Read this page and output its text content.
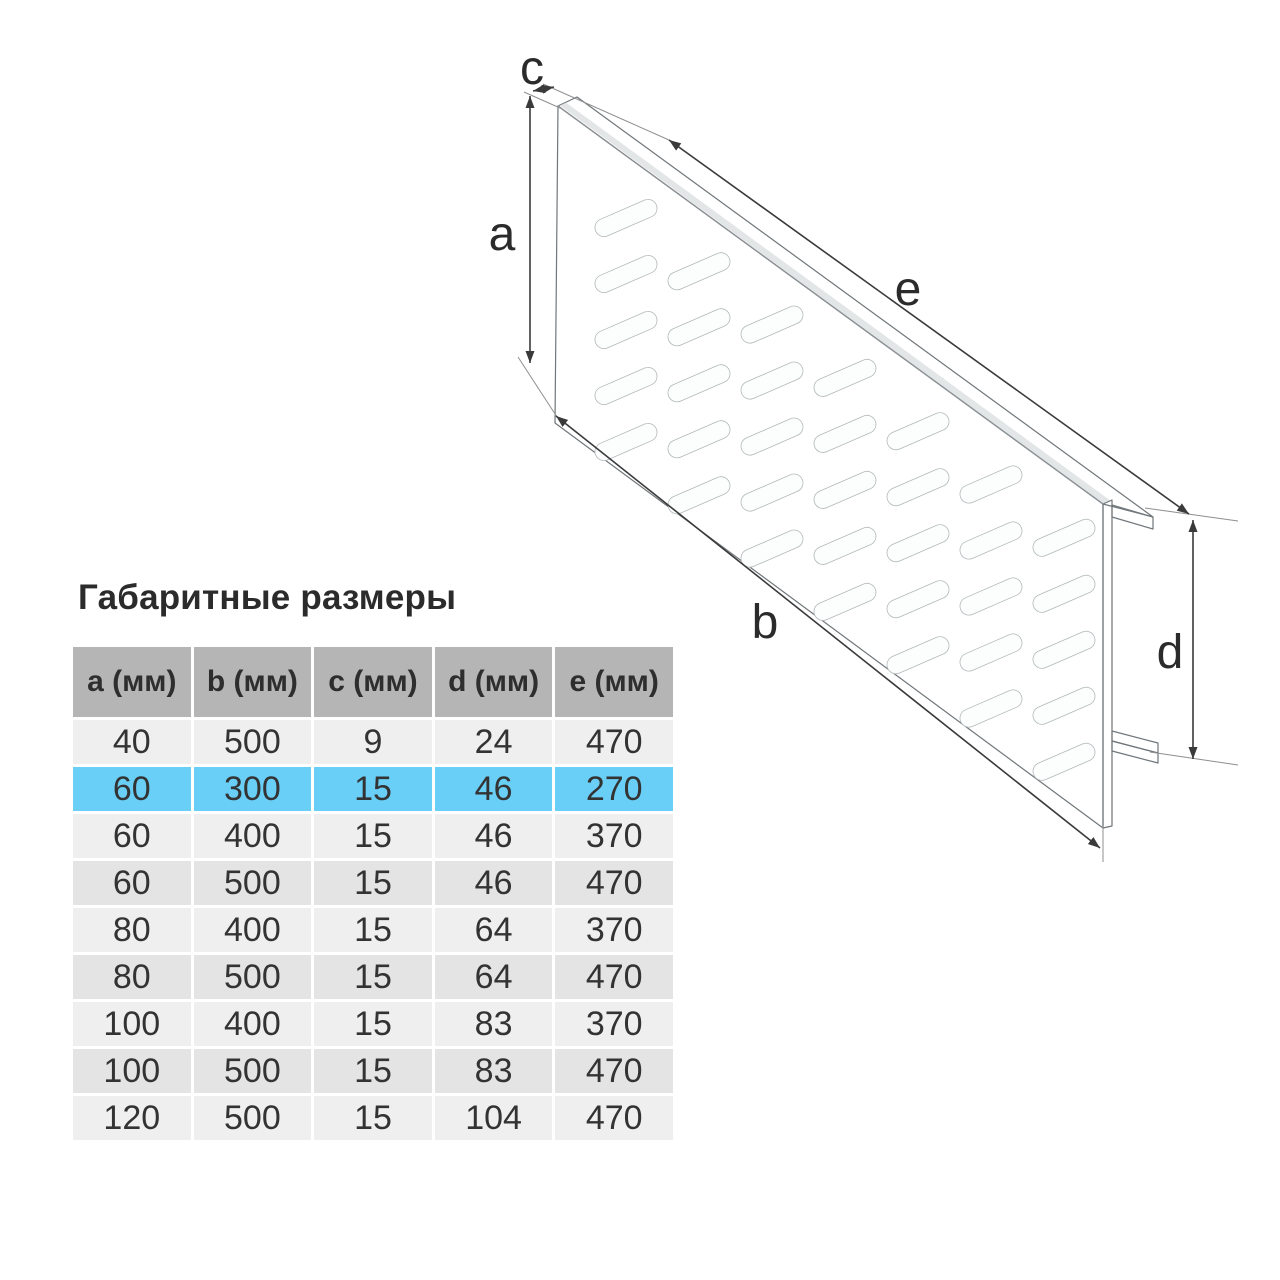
c
a
e
b
d
Габаритные размеры
a (мм)	b (мм)	c (мм)	d (мм)	e (мм)
40	500	9	24	470
60	300	15	46	270
60	400	15	46	370
60	500	15	46	470
80	400	15	64	370
80	500	15	64	470
100	400	15	83	370
100	500	15	83	470
120	500	15	104	470
